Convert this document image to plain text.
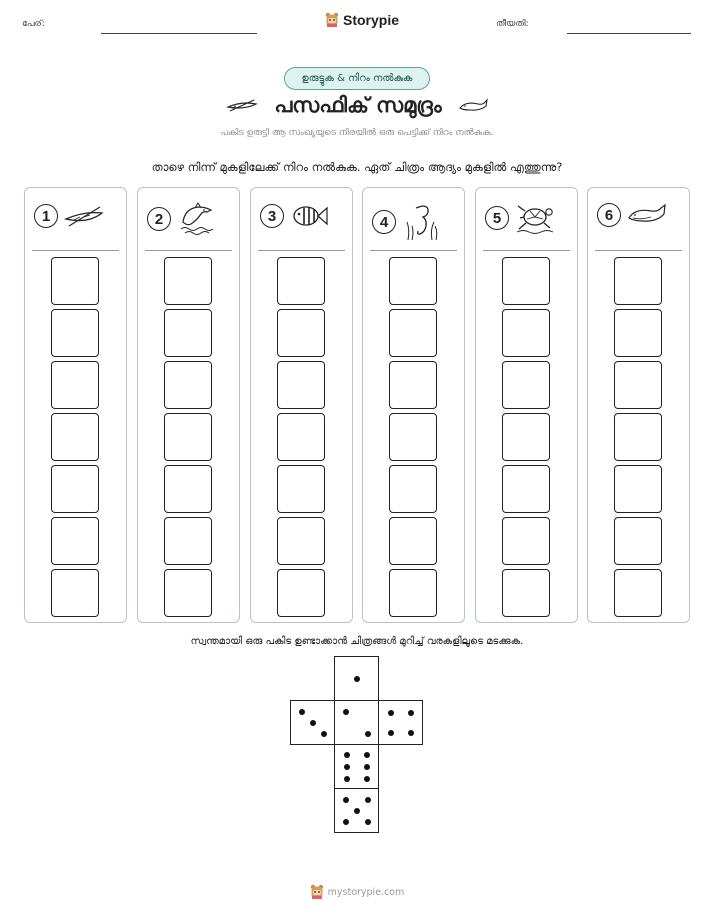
പേര്:	Storypie	തീയതി:
ഉരുട്ടുക & നിറം നൽകുക
പസഫിക് സമുദ്രം
പകിട ഉരുട്ടി ആ സംഖ്യയുടെ നിരയിൽ ഒരു പെട്ടിക്ക് നിറം നൽകുക.
താഴെ നിന്ന് മുകളിലേക്ക് നിറം നൽകുക. ഏത് ചിത്രം ആദ്യം മുകളിൽ എത്തുന്നു?
1	2	3	4	5	6
സ്വന്തമായി ഒരു പകിട ഉണ്ടാക്കാൻ ചിത്രങ്ങൾ മുറിച്ച് വരകളിലൂടെ മടക്കുക.
mystorypie.com
